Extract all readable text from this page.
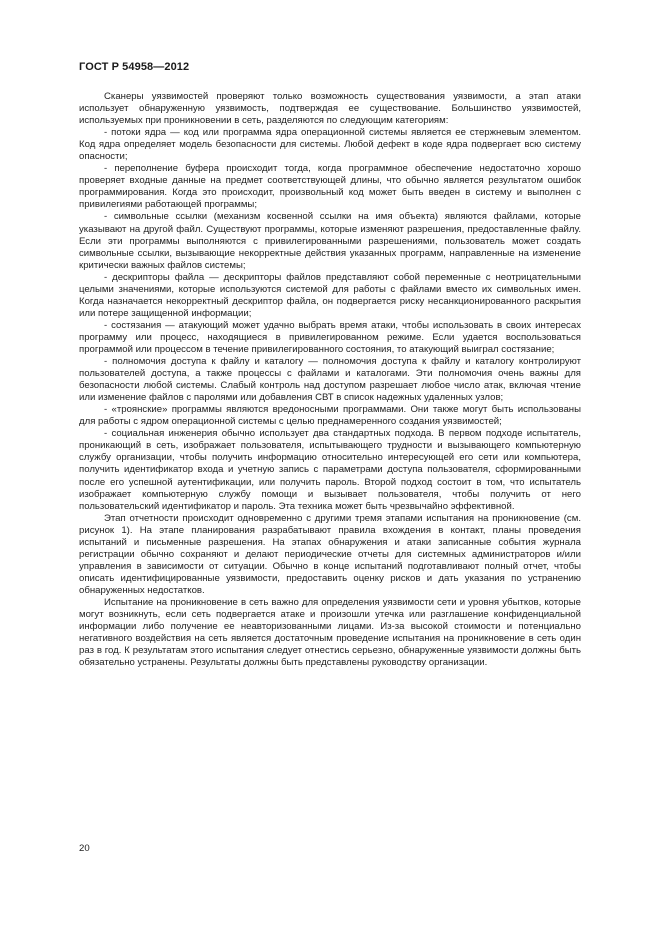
ГОСТ Р 54958—2012

Сканеры уязвимостей проверяют только возможность существования уязвимости, а этап атаки использует обнаруженную уязвимость, подтверждая ее существование. Большинство уязвимостей, используемых при проникновении в сеть, разделяются по следующим категориям:

- потоки ядра — код или программа ядра операционной системы является ее стержневым элементом. Код ядра определяет модель безопасности для системы. Любой дефект в коде ядра подвергает всю систему опасности;

- переполнение буфера происходит тогда, когда программное обеспечение недостаточно хорошо проверяет входные данные на предмет соответствующей длины, что обычно является результатом ошибок программирования. Когда это происходит, произвольный код может быть введен в систему и выполнен с привилегиями работающей программы;

- символьные ссылки (механизм косвенной ссылки на имя объекта) являются файлами, которые указывают на другой файл. Существуют программы, которые изменяют разрешения, предоставленные файлу. Если эти программы выполняются с привилегированными разрешениями, пользователь может создать символьные ссылки, вызывающие некорректные действия указанных программ, направленные на изменение критически важных файлов системы;

- дескрипторы файла — дескрипторы файлов представляют собой переменные с неотрицательными целыми значениями, которые используются системой для работы с файлами вместо их символьных имен. Когда назначается некорректный дескриптор файла, он подвергается риску несанкционированного раскрытия или потере защищенной информации;

- состязания — атакующий может удачно выбрать время атаки, чтобы использовать в своих интересах программу или процесс, находящиеся в привилегированном режиме. Если удается воспользоваться программой или процессом в течение привилегированного состояния, то атакующий выиграл состязание;

- полномочия доступа к файлу и каталогу — полномочия доступа к файлу и каталогу контролируют пользователей доступа, а также процессы с файлами и каталогами. Эти полномочия очень важны для безопасности любой системы. Слабый контроль над доступом разрешает любое число атак, включая чтение или изменение файлов с паролями или добавления СВТ в список надежных удаленных узлов;

- «троянские» программы являются вредоносными программами. Они также могут быть использованы для работы с ядром операционной системы с целью преднамеренного создания уязвимостей;

- социальная инженерия обычно использует два стандартных подхода. В первом подходе испытатель, проникающий в сеть, изображает пользователя, испытывающего трудности и вызывающего компьютерную службу организации, чтобы получить информацию относительно интересующей его сети или компьютера, получить идентификатор входа и учетную запись с параметрами доступа пользователя, сформированными после его успешной аутентификации, или получить пароль. Второй подход состоит в том, что испытатель изображает компьютерную службу помощи и вызывает пользователя, чтобы получить от него пользовательский идентификатор и пароль. Эта техника может быть чрезвычайно эффективной.

Этап отчетности происходит одновременно с другими тремя этапами испытания на проникновение (см. рисунок 1). На этапе планирования разрабатывают правила вхождения в контакт, планы проведения испытаний и письменные разрешения. На этапах обнаружения и атаки записанные события журнала регистрации обычно сохраняют и делают периодические отчеты для системных администраторов и/или управления в зависимости от ситуации. Обычно в конце испытаний подготавливают полный отчет, чтобы описать идентифицированные уязвимости, предоставить оценку рисков и дать указания по устранению обнаруженных недостатков.

Испытание на проникновение в сеть важно для определения уязвимости сети и уровня убытков, которые могут возникнуть, если сеть подвергается атаке и произошли утечка или разглашение конфиденциальной информации либо получение ее неавторизованными лицами. Из-за высокой стоимости и потенциально негативного воздействия на сеть является достаточным проведение испытания на проникновение в сеть один раз в год. К результатам этого испытания следует отнестись серьезно, обнаруженные уязвимости должны быть обязательно устранены. Результаты должны быть представлены руководству организации.

20
